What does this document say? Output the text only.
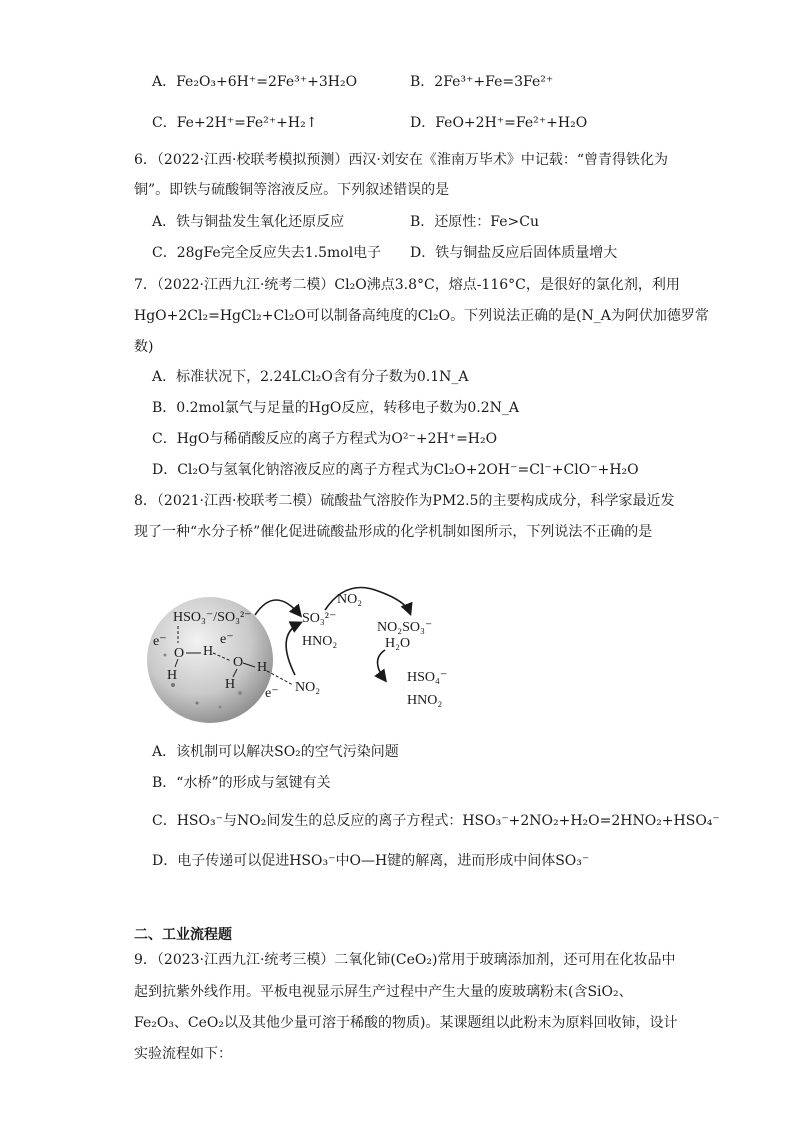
A．Fe₂O₃+6H⁺=2Fe³⁺+3H₂O	B．2Fe³⁺+Fe=3Fe²⁺
C．Fe+2H⁺=Fe²⁺+H₂↑	D．FeO+2H⁺=Fe²⁺+H₂O
6．（2022·江西·校联考模拟预测）西汉·刘安在《淮南万毕术》中记载：“曾青得铁化为
铜”。即铁与硫酸铜等溶液反应。下列叙述错误的是
A．铁与铜盐发生氧化还原反应	B．还原性：Fe>Cu
C．28gFe完全反应失去1.5mol电子 D．铁与铜盐反应后固体质量增大
7．（2022·江西九江·统考二模）Cl₂O沸点3.8°C，熔点-116°C，是很好的氯化剂，利用
HgO+2Cl₂=HgCl₂+Cl₂O可以制备高纯度的Cl₂O。下列说法正确的是(N_A为阿伏加德罗常
数)
A．标准状况下，2.24LCl₂O含有分子数为0.1N_A
B．0.2mol氯气与足量的HgO反应，转移电子数为0.2N_A
C．HgO与稀硝酸反应的离子方程式为O²⁻+2H⁺=H₂O
D．Cl₂O与氢氧化钠溶液反应的离子方程式为Cl₂O+2OH⁻=Cl⁻+ClO⁻+H₂O
8．（2021·江西·校联考二模）硫酸盐气溶胶作为PM2.5的主要构成成分，科学家最近发
现了一种“水分子桥”催化促进硫酸盐形成的化学机制如图所示，下列说法不正确的是
HSO₃⁻/SO₃²⁻
e⁻	e⁻
e⁻
O H
H
O H
H	NO₂
NO₂
SO₃²⁻
HNO₂
NO₂SO₃⁻
H₂O
HSO₄⁻
HNO₂
A．该机制可以解决SO₂的空气污染问题
B．“水桥”的形成与氢键有关
C．HSO₃⁻与NO₂间发生的总反应的离子方程式：HSO₃⁻+2NO₂+H₂O=2HNO₂+HSO₄⁻
D．电子传递可以促进HSO₃⁻中O—H键的解离，进而形成中间体SO₃⁻
二、工业流程题
9．（2023·江西九江·统考三模）二氧化铈(CeO₂)常用于玻璃添加剂，还可用在化妆品中
起到抗紫外线作用。平板电视显示屏生产过程中产生大量的废玻璃粉末(含SiO₂、
Fe₂O₃、CeO₂以及其他少量可溶于稀酸的物质)。某课题组以此粉末为原料回收铈，设计
实验流程如下：
